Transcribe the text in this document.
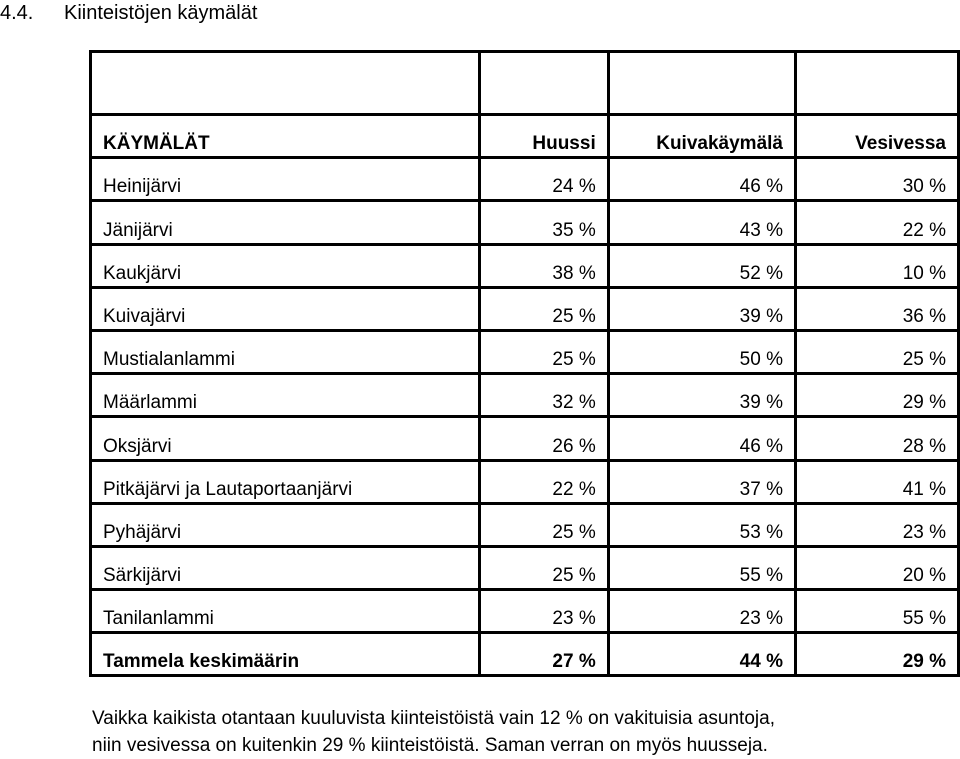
4.4. Kiinteistöjen käymälät

KÄYMÄLÄT	Huussi	Kuivakäymälä	Vesivessa
Heinijärvi	24 %	46 %	30 %
Jänijärvi	35 %	43 %	22 %
Kaukjärvi	38 %	52 %	10 %
Kuivajärvi	25 %	39 %	36 %
Mustialanlammi	25 %	50 %	25 %
Määrlammi	32 %	39 %	29 %
Oksjärvi	26 %	46 %	28 %
Pitkäjärvi ja Lautaportaanjärvi	22 %	37 %	41 %
Pyhäjärvi	25 %	53 %	23 %
Särkijärvi	25 %	55 %	20 %
Tanilanlammi	23 %	23 %	55 %
Tammela keskimäärin	27 %	44 %	29 %

Vaikka kaikista otantaan kuuluvista kiinteistöistä vain 12 % on vakituisia asuntoja,

niin vesivessa on kuitenkin 29 % kiinteistöistä. Saman verran on myös huusseja.
